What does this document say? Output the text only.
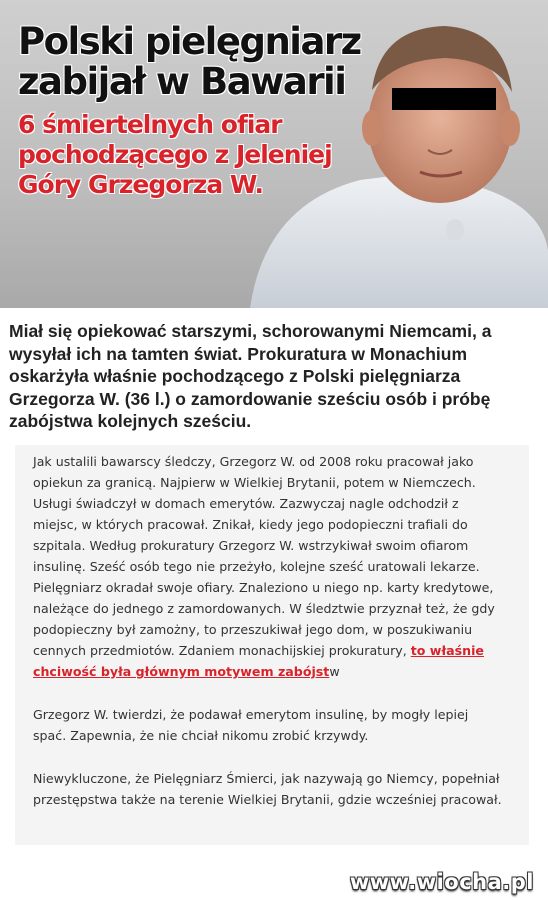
Polski pielęgniarz
zabijał w Bawarii
6 śmiertelnych ofiar
pochodzącego z Jeleniej
Góry Grzegorza W.

Miał się opiekować starszymi, schorowanymi Niemcami, a wysyłał ich na tamten świat. Prokuratura w Monachium oskarżyła właśnie pochodzącego z Polski pielęgniarza Grzegorza W. (36 l.) o zamordowanie sześciu osób i próbę zabójstwa kolejnych sześciu.

Jak ustalili bawarscy śledczy, Grzegorz W. od 2008 roku pracował jako opiekun za granicą. Najpierw w Wielkiej Brytanii, potem w Niemczech. Usługi świadczył w domach emerytów. Zazwyczaj nagle odchodził z miejsc, w których pracował. Znikał, kiedy jego podopieczni trafiali do szpitala. Według prokuratury Grzegorz W. wstrzykiwał swoim ofiarom insulinę. Sześć osób tego nie przeżyło, kolejne sześć uratowali lekarze. Pielęgniarz okradał swoje ofiary. Znaleziono u niego np. karty kredytowe, należące do jednego z zamordowanych. W śledztwie przyznał też, że gdy podopieczny był zamożny, to przeszukiwał jego dom, w poszukiwaniu cennych przedmiotów. Zdaniem monachijskiej prokuratury, to właśnie chciwość była głównym motywem zabójstw

Grzegorz W. twierdzi, że podawał emerytom insulinę, by mogły lepiej spać. Zapewnia, że nie chciał nikomu zrobić krzywdy.

Niewykluczone, że Pielęgniarz Śmierci, jak nazywają go Niemcy, popełniał przestępstwa także na terenie Wielkiej Brytanii, gdzie wcześniej pracował.

www.wiocha.pl
